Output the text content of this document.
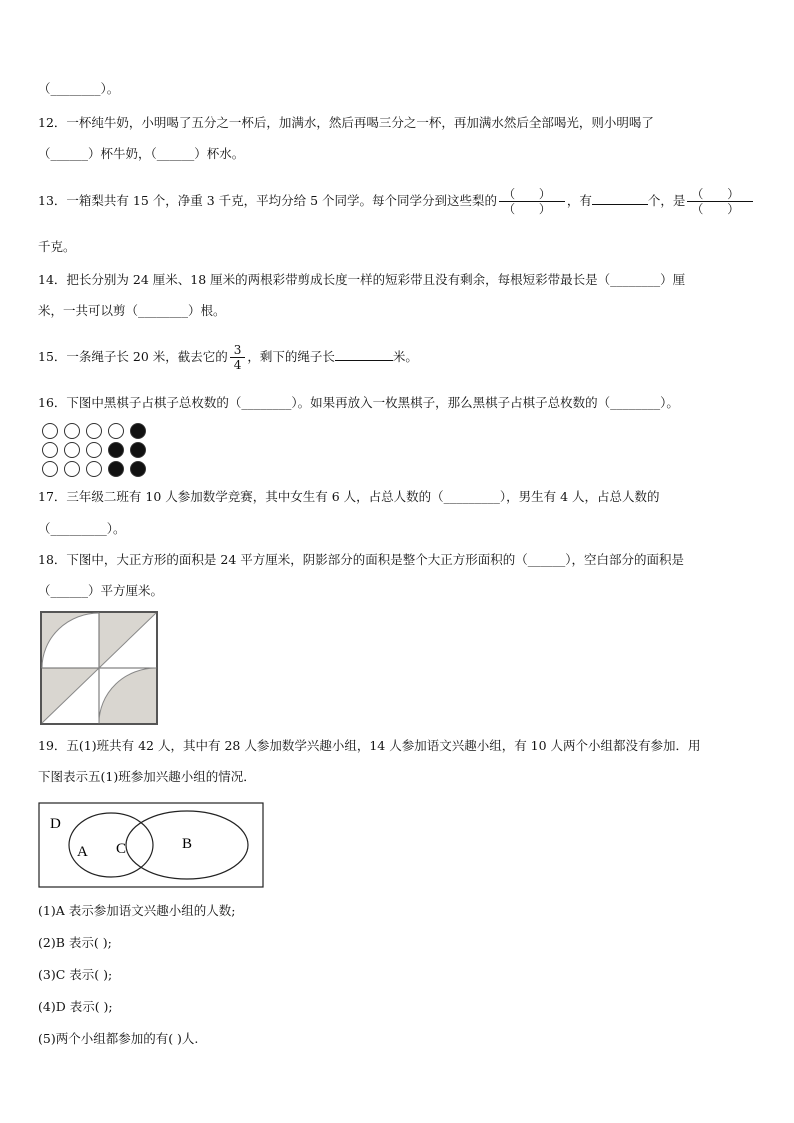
（________）。
12．一杯纯牛奶，小明喝了五分之一杯后，加满水，然后再喝三分之一杯，再加满水然后全部喝光，则小明喝了
（______）杯牛奶，（______）杯水。
13．一箱梨共有 15 个，净重 3 千克，平均分给 5 个同学。每个同学分到这些梨的 $\frac{( )}{( )}$ ，有	个，是 $\frac{( )}{( )}$
千克。
14．把长分别为 24 厘米、18 厘米的两根彩带剪成长度一样的短彩带且没有剩余，每根短彩带最长是（________）厘
米，一共可以剪（________）根。
15．一条绳子长 20 米，截去它的 $\frac{3}{4}$ ，剩下的绳子长	米。
16．下图中黑棋子占棋子总枚数的（________）。如果再放入一枚黑棋子，那么黑棋子占棋子总枚数的（________）。
17．三年级二班有 10 人参加数学竞赛，其中女生有 6 人，占总人数的（_________），男生有 4 人，占总人数的
（_________）。
18．下图中，大正方形的面积是 24 平方厘米，阴影部分的面积是整个大正方形面积的（______），空白部分的面积是
（______）平方厘米。
19．五(1)班共有 42 人，其中有 28 人参加数学兴趣小组，14 人参加语文兴趣小组，有 10 人两个小组都没有参加．用
下图表示五(1)班参加兴趣小组的情况．
D
A C	B
(1)A 表示参加语文兴趣小组的人数;
(2)B 表示( );
(3)C 表示( );
(4)D 表示( );
(5)两个小组都参加的有( )人.
